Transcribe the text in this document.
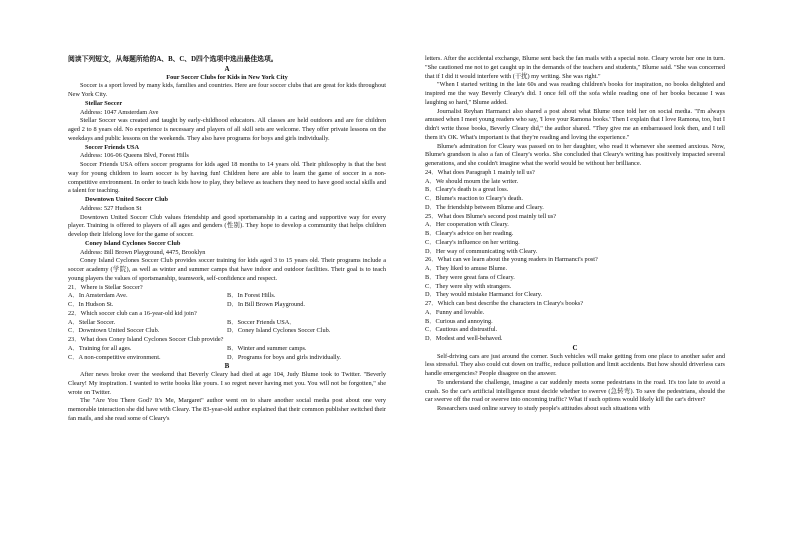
阅读下列短文，从每题所给的A、B、C、D四个选项中选出最佳选项。

A

Four Soccer Clubs for Kids in New York City

Soccer is a sport loved by many kids, families and countries. Here are four soccer clubs that are great for kids throughout New York City.

Stellar Soccer

Address: 1047 Amsterdam Ave

Stellar Soccer was created and taught by early-childhood educators. All classes are held outdoors and are for children aged 2 to 8 years old. No experience is necessary and players of all skill sets are welcome. They offer private lessons on the weekdays and public lessons on the weekends. They also have programs for boys and girls individually.

Soccer Friends USA

Address: 106-06 Queens Blvd, Forest Hills

Soccer Friends USA offers soccer programs for kids aged 18 months to 14 years old. Their philosophy is that the best way for young children to learn soccer is by having fun! Children here are able to learn the game of soccer in a non-competitive environment. In order to teach kids how to play, they believe as teachers they need to have good social skills and a talent for teaching.

Downtown United Soccer Club

Address: 527 Hudson St

Downtown United Soccer Club values friendship and good sportsmanship in a caring and supportive way for every player. Training is offered to players of all ages and genders (性别). They hope to develop a community that helps children develop their lifelong love for the game of soccer.

Coney Island Cyclones Soccer Club

Address: Bill Brown Playground, 4475, Brooklyn

Coney Island Cyclones Soccer Club provides soccer training for kids aged 3 to 15 years old. Their programs include a soccer academy (学院), as well as winter and summer camps that have indoor and outdoor facilities. Their goal is to teach young players the values of sportsmanship, teamwork, self-confidence and respect.

21．Where is Stellar Soccer?

A．In Amsterdam Ave.	B．In Forest Hills.
C．In Hudson St.	D．In Bill Brown Playground.

22．Which soccer club can a 16-year-old kid join?

A．Stellar Soccer.	B．Soccer Friends USA．
C．Downtown United Soccer Club.	D．Coney Island Cyclones Soccer Club.

23．What does Coney Island Cyclones Soccer Club provide?

A．Training for all ages.	B．Winter and summer camps.
C．A non-competitive environment.	D．Programs for boys and girls individually.

B

After news broke over the weekend that Beverly Cleary had died at age 104, Judy Blume took to Twitter. "Beverly Cleary! My inspiration. I wanted to write books like yours. I so regret never having met you. You will not be forgotten," she wrote on Twitter.

The "Are You There God? It's Me, Margaret" author went on to share another social media post about one very memorable interaction she did have with Cleary. The 83-year-old author explained that their common publisher switched their fan mails, and she read some of Cleary's

letters. After the accidental exchange, Blume sent back the fan mails with a special note. Cleary wrote her one in turn. "She cautioned me not to get caught up in the demands of the teachers and students," Blume said. "She was concerned that if I did it would interfere with (干扰) my writing. She was right."

"When I started writing in the late 60s and was reading children's books for inspiration, no books delighted and inspired me the way Beverly Cleary's did. I once fell off the sofa while reading one of her books because I was laughing so hard," Blume added.

Journalist Reyhan Harmanci also shared a post about what Blume once told her on social media. "I'm always amused when I meet young readers who say, 'I love your Ramona books.' Then I explain that I love Ramona, too, but I didn't write those books, Beverly Cleary did," the author shared. "They give me an embarrassed look then, and I tell them it's OK. What's important is that they're reading and loving the experience."

Blume's admiration for Cleary was passed on to her daughter, who read it whenever she seemed anxious. Now, Blume's grandson is also a fan of Cleary's works. She concluded that Cleary's writing has positively impacted several generations, and she couldn't imagine what the world would be without her brilliance.

24．What does Paragraph 1 mainly tell us?

A．We should mourn the late writer.

B．Cleary's death is a great loss.

C．Blume's reaction to Cleary's death.

D．The friendship between Blume and Cleary.

25．What does Blume's second post mainly tell us?

A．Her cooperation with Cleary.

B．Cleary's advice on her reading.

C．Cleary's influence on her writing.

D．Her way of communicating with Cleary.

26．What can we learn about the young readers in Harmanci's post?

A．They liked to amuse Blume.

B．They were great fans of Cleary.

C．They were shy with strangers.

D．They would mistake Harmanci for Cleary.

27．Which can best describe the characters in Cleary's books?

A．Funny and lovable.

B．Curious and annoying.

C．Cautious and distrustful.

D．Modest and well-behaved.

C

Self-driving cars are just around the corner. Such vehicles will make getting from one place to another safer and less stressful. They also could cut down on traffic, reduce pollution and limit accidents. But how should driverless cars handle emergencies? People disagree on the answer.

To understand the challenge, imagine a car suddenly meets some pedestrians in the road. It's too late to avoid a crash. So the car's artificial intelligence must decide whether to swerve (急转弯). To save the pedestrians, should the car swerve off the road or swerve into oncoming traffic? What if such options would likely kill the car's driver?

Researchers used online survey to study people's attitudes about such situations with
